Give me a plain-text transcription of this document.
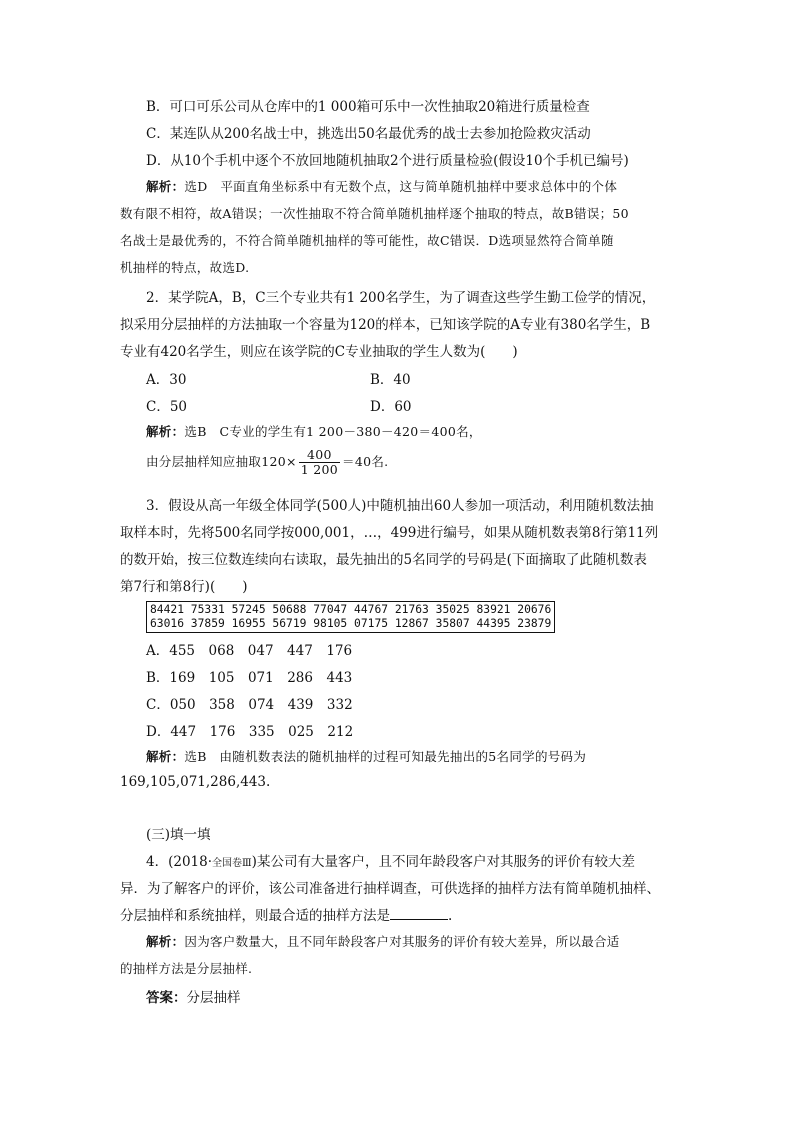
B．可口可乐公司从仓库中的1 000箱可乐中一次性抽取20箱进行质量检查
C．某连队从200名战士中，挑选出50名最优秀的战士去参加抢险救灾活动
D．从10个手机中逐个不放回地随机抽取2个进行质量检验(假设10个手机已编号)
解析：选D　平面直角坐标系中有无数个点，这与简单随机抽样中要求总体中的个体
数有限不相符，故A错误；一次性抽取不符合简单随机抽样逐个抽取的特点，故B错误；50
名战士是最优秀的，不符合简单随机抽样的等可能性，故C错误．D选项显然符合简单随
机抽样的特点，故选D.
2．某学院A，B，C三个专业共有1 200名学生，为了调查这些学生勤工俭学的情况，
拟采用分层抽样的方法抽取一个容量为120的样本，已知该学院的A专业有380名学生，B
专业有420名学生，则应在该学院的C专业抽取的学生人数为(　　)
A．30	B．40
C．50	D．60
解析：选B　C专业的学生有1 200－380－420＝400名，
由分层抽样知应抽取$120\times \frac{400}{1 200} =40$名.
3．假设从高一年级全体同学(500人)中随机抽出60人参加一项活动，利用随机数法抽
取样本时，先将500名同学按000,001，…，499进行编号，如果从随机数表第8行第11列
的数开始，按三位数连续向右读取，最先抽出的5名同学的号码是(下面摘取了此随机数表
第7行和第8行)(　　)
84421 75331 57245 50688 77047 44767 21763 35025 83921 20676
63016 37859 16955 56719 98105 07175 12867 35807 44395 23879
A．455　068　047　447　176
B．169　105　071　286　443
C．050　358　074　439　332
D．447　176　335　025　212
解析：选B　由随机数表法的随机抽样的过程可知最先抽出的5名同学的号码为
169,105,071,286,443.
(三)填一填
4．(2018·全国卷Ⅲ)某公司有大量客户，且不同年龄段客户对其服务的评价有较大差
异．为了解客户的评价，该公司准备进行抽样调查，可供选择的抽样方法有简单随机抽样、
分层抽样和系统抽样，则最合适的抽样方法是	.
解析：因为客户数量大，且不同年龄段客户对其服务的评价有较大差异，所以最合适
的抽样方法是分层抽样.
答案：分层抽样
